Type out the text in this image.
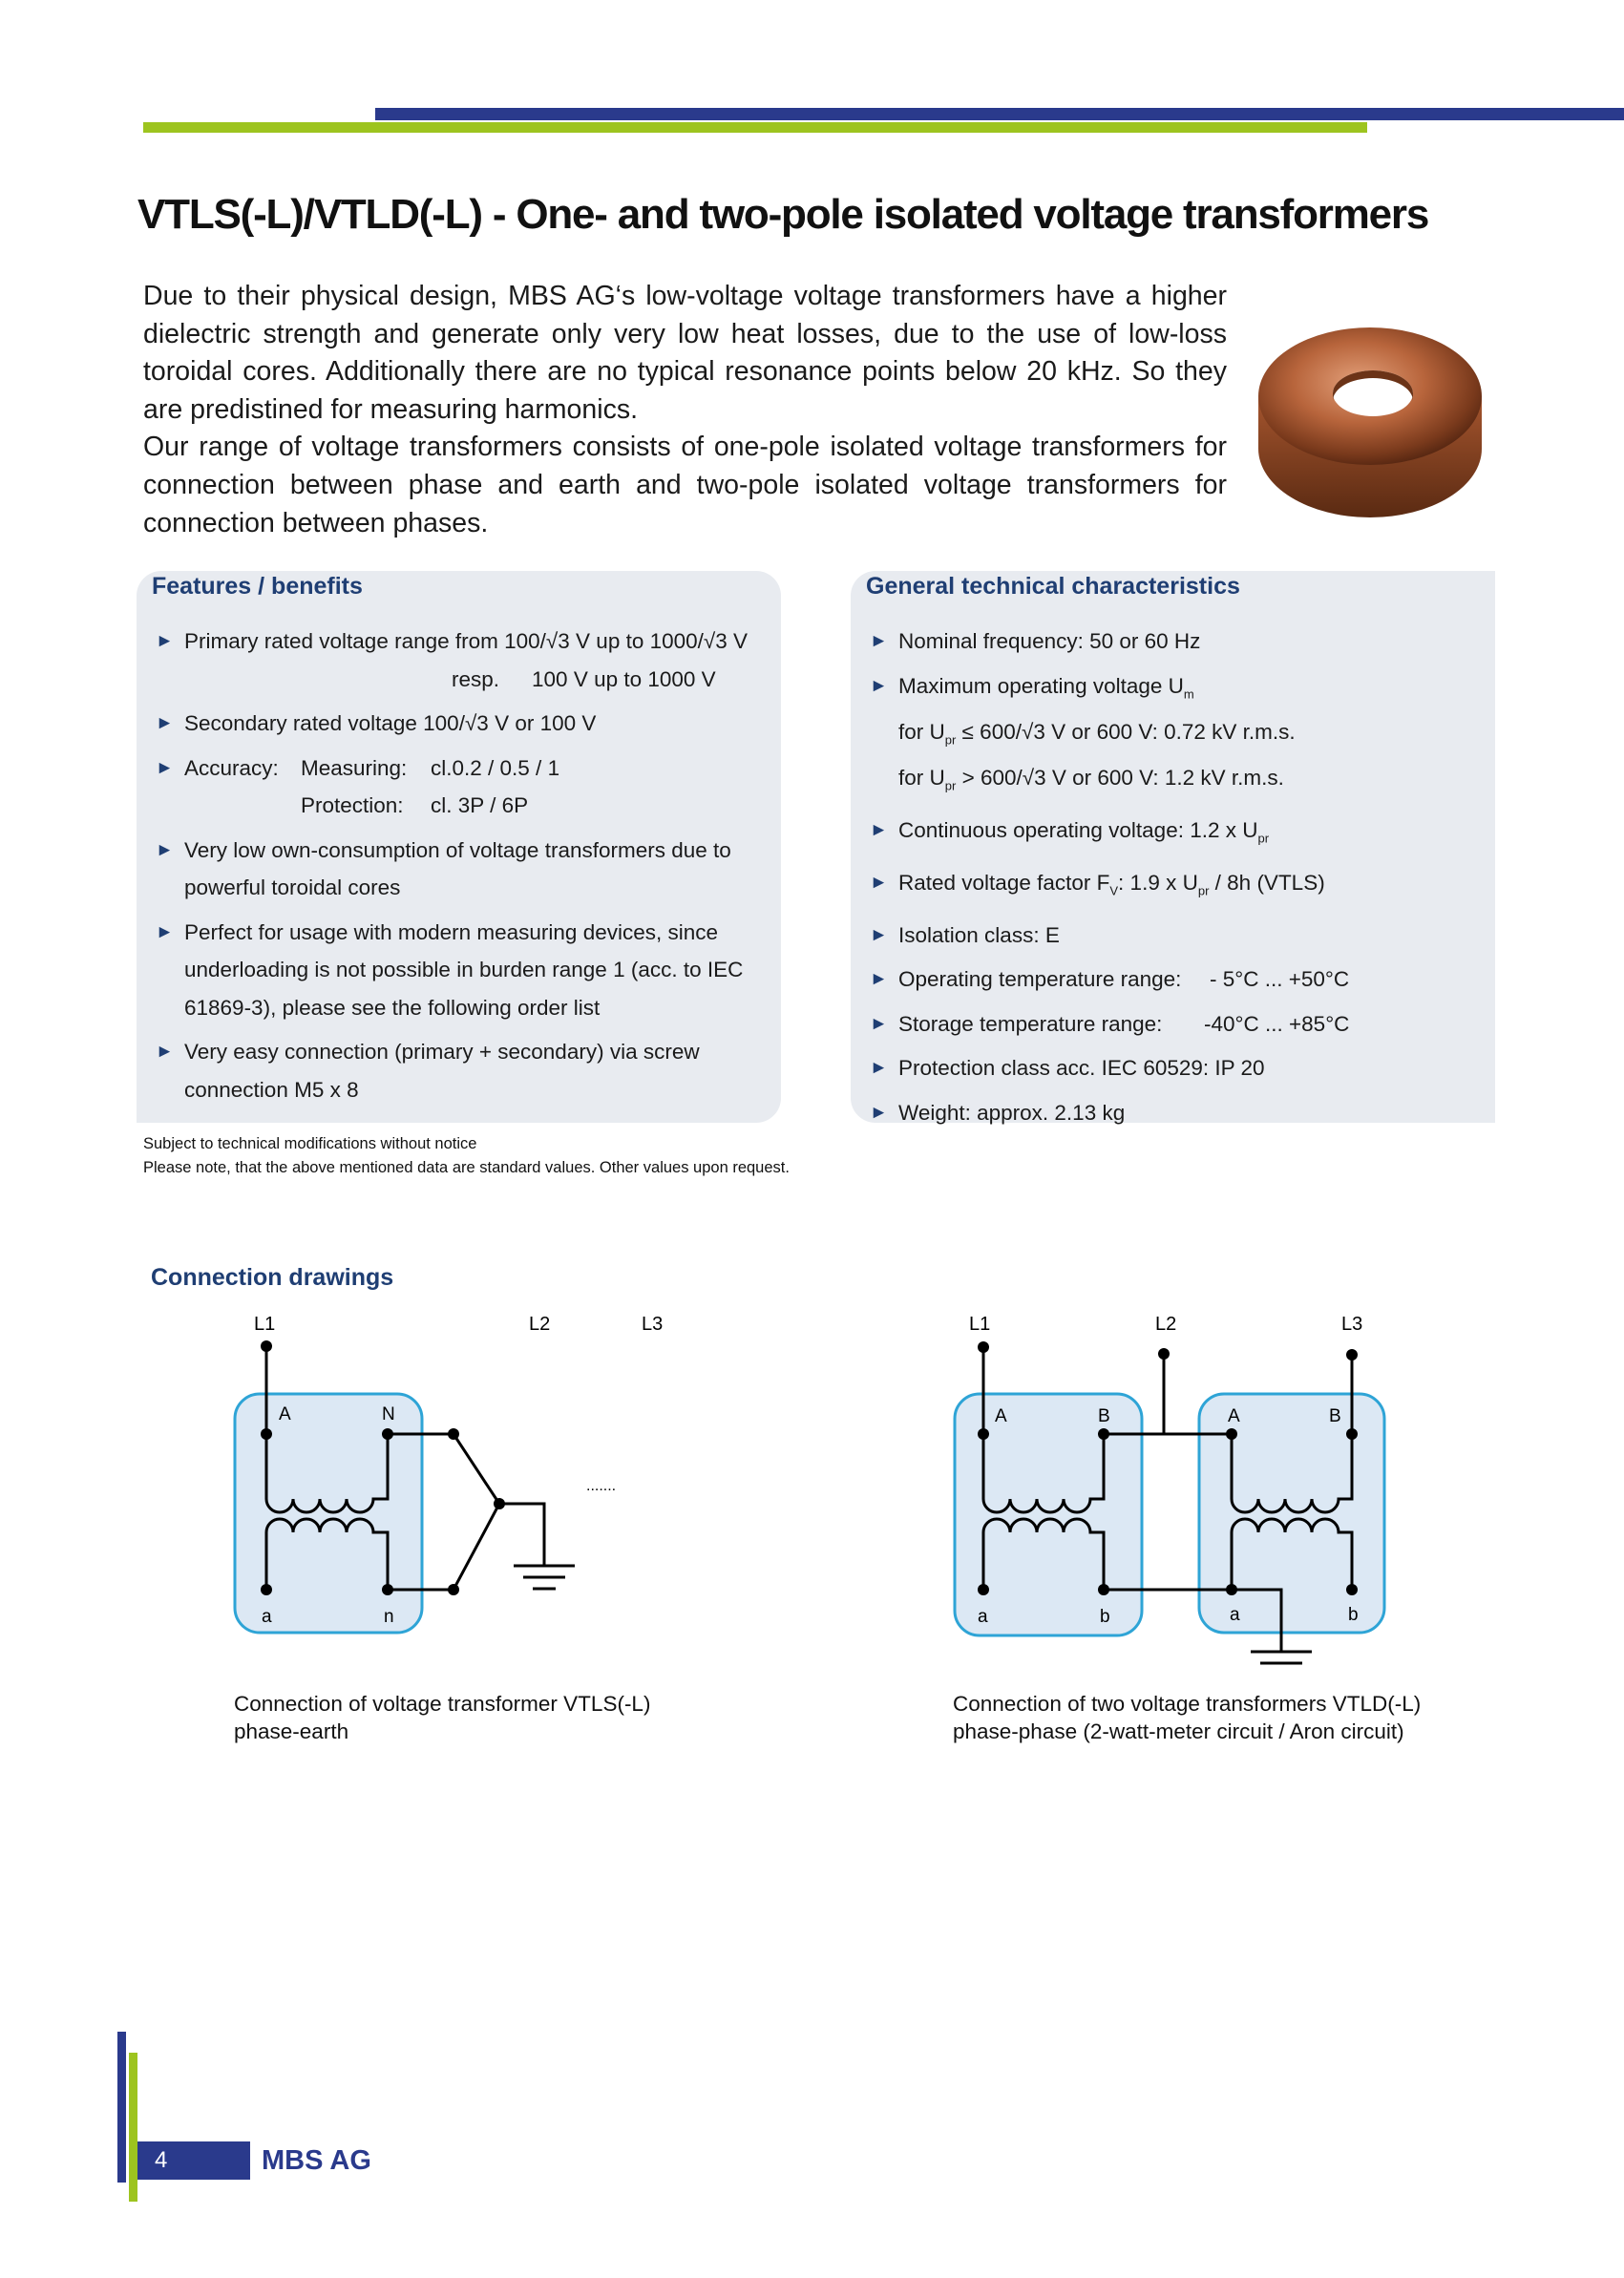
VTLS(-L)/VTLD(-L) - One- and two-pole isolated voltage transformers

Due to their physical design, MBS AG‘s low-voltage voltage transformers have a higher dielectric strength and generate only very low heat losses, due to the use of low-loss toroidal cores. Additionally there are no typical resonance points below 20 kHz. So they are predistined for measuring harmonics.

Our range of voltage transformers consists of one-pole isolated voltage transformers for connection between phase and earth and two-pole isolated voltage transformers for connection between phases.

Features / benefits
► Primary rated voltage range from 100/√3 V up to 1000/√3 V
resp. 100 V up to 1000 V
► Secondary rated voltage 100/√3 V or 100 V
► Accuracy: Measuring: cl.0.2 / 0.5 / 1
Protection: cl. 3P / 6P
► Very low own-consumption of voltage transformers due to powerful toroidal cores
► Perfect for usage with modern measuring devices, since underloading is not possible in burden range 1 (acc. to IEC 61869-3), please see the following order list
► Very easy connection (primary + secondary) via screw connection M5 x 8
General technical characteristics
► Nominal frequency: 50 or 60 Hz
► Maximum operating voltage $U_m$
for $U_{pr} \le 600/√3$ V or 600 V: 0.72 kV r.m.s.
for $U_{pr} > 600/√3$ V or 600 V: 1.2 kV r.m.s.
► Continuous operating voltage: 1.2 x $U_{pr}$
► Rated voltage factor $F_V$: 1.9 x $U_{pr} / 8h$ (VTLS)
► Isolation class: E
► Operating temperature range: - 5°C ... +50°C
► Storage temperature range: -40°C ... +85°C
► Protection class acc. IEC 60529: IP 20
► Weight: approx. 2.13 kg
Subject to technical modifications without notice
Please note, that the above mentioned data are standard values. Other values upon request.
Connection drawings
L1	L2	L3
A	N
a	n
.......
L1	L2	L3
A	B	A	B
a	b	a	b
Connection of voltage transformer VTLS(-L)
phase-earth
Connection of two voltage transformers VTLD(-L)
phase-phase (2-watt-meter circuit / Aron circuit)
4	MBS AG
